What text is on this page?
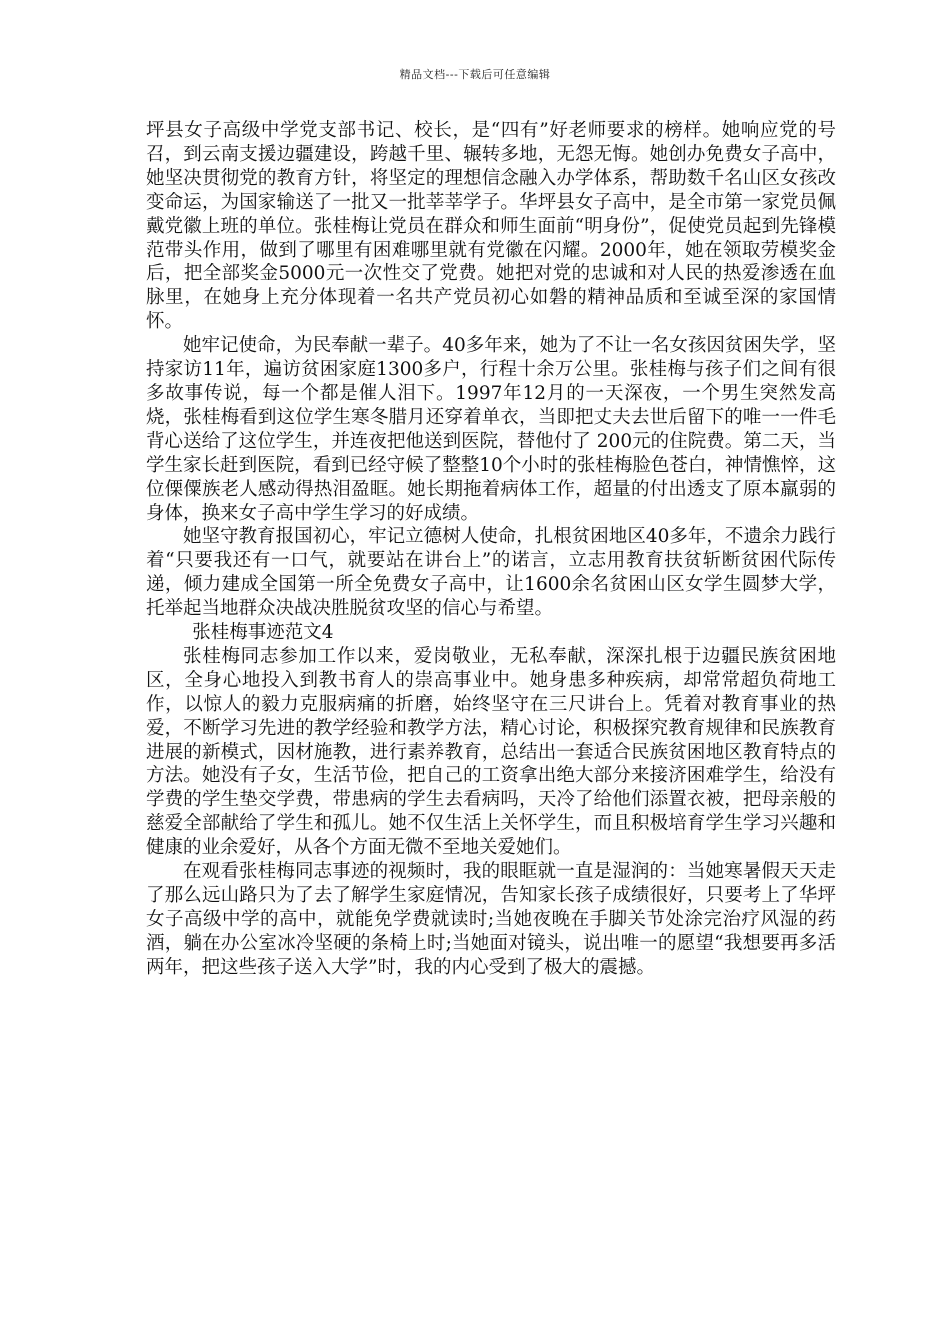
精品文档---下载后可任意编辑

坪县女子高级中学党支部书记、校长，是“四有”好老师要求的榜样。她响应党的号召，到云南支援边疆建设，跨越千里、辗转多地，无怨无悔。她创办免费女子高中，她坚决贯彻党的教育方针，将坚定的理想信念融入办学体系，帮助数千名山区女孩改变命运，为国家输送了一批又一批莘莘学子。华坪县女子高中，是全市第一家党员佩戴党徽上班的单位。张桂梅让党员在群众和师生面前“明身份”，促使党员起到先锋模范带头作用，做到了哪里有困难哪里就有党徽在闪耀。2000年，她在领取劳模奖金后，把全部奖金5000元一次性交了党费。她把对党的忠诚和对人民的热爱渗透在血脉里，在她身上充分体现着一名共产党员初心如磐的精神品质和至诚至深的家国情怀。

她牢记使命，为民奉献一辈子。40多年来，她为了不让一名女孩因贫困失学，坚持家访11年，遍访贫困家庭1300多户，行程十余万公里。张桂梅与孩子们之间有很多故事传说，每一个都是催人泪下。1997年12月的一天深夜，一个男生突然发高烧，张桂梅看到这位学生寒冬腊月还穿着单衣，当即把丈夫去世后留下的唯一一件毛背心送给了这位学生，并连夜把他送到医院，替他付了 200元的住院费。第二天，当学生家长赶到医院，看到已经守候了整整10个小时的张桂梅脸色苍白，神情憔悴，这位傈僳族老人感动得热泪盈眶。她长期拖着病体工作，超量的付出透支了原本羸弱的身体，换来女子高中学生学习的好成绩。

她坚守教育报国初心，牢记立德树人使命，扎根贫困地区40多年，不遗余力践行着“只要我还有一口气，就要站在讲台上”的诺言，立志用教育扶贫斩断贫困代际传递，倾力建成全国第一所全免费女子高中，让1600余名贫困山区女学生圆梦大学，托举起当地群众决战决胜脱贫攻坚的信心与希望。

张桂梅事迹范文4

张桂梅同志参加工作以来，爱岗敬业，无私奉献，深深扎根于边疆民族贫困地区，全身心地投入到教书育人的崇高事业中。她身患多种疾病，却常常超负荷地工作，以惊人的毅力克服病痛的折磨，始终坚守在三尺讲台上。凭着对教育事业的热爱，不断学习先进的教学经验和教学方法，精心讨论，积极探究教育规律和民族教育进展的新模式，因材施教，进行素养教育，总结出一套适合民族贫困地区教育特点的方法。她没有子女，生活节俭，把自己的工资拿出绝大部分来接济困难学生，给没有学费的学生垫交学费，带患病的学生去看病吗，天冷了给他们添置衣被，把母亲般的慈爱全部献给了学生和孤儿。她不仅生活上关怀学生，而且积极培育学生学习兴趣和健康的业余爱好，从各个方面无微不至地关爱她们。

在观看张桂梅同志事迹的视频时，我的眼眶就一直是湿润的：当她寒暑假天天走了那么远山路只为了去了解学生家庭情况，告知家长孩子成绩很好，只要考上了华坪女子高级中学的高中，就能免学费就读时;当她夜晚在手脚关节处涂完治疗风湿的药酒，躺在办公室冰冷坚硬的条椅上时;当她面对镜头，说出唯一的愿望“我想要再多活两年，把这些孩子送入大学”时，我的内心受到了极大的震撼。
